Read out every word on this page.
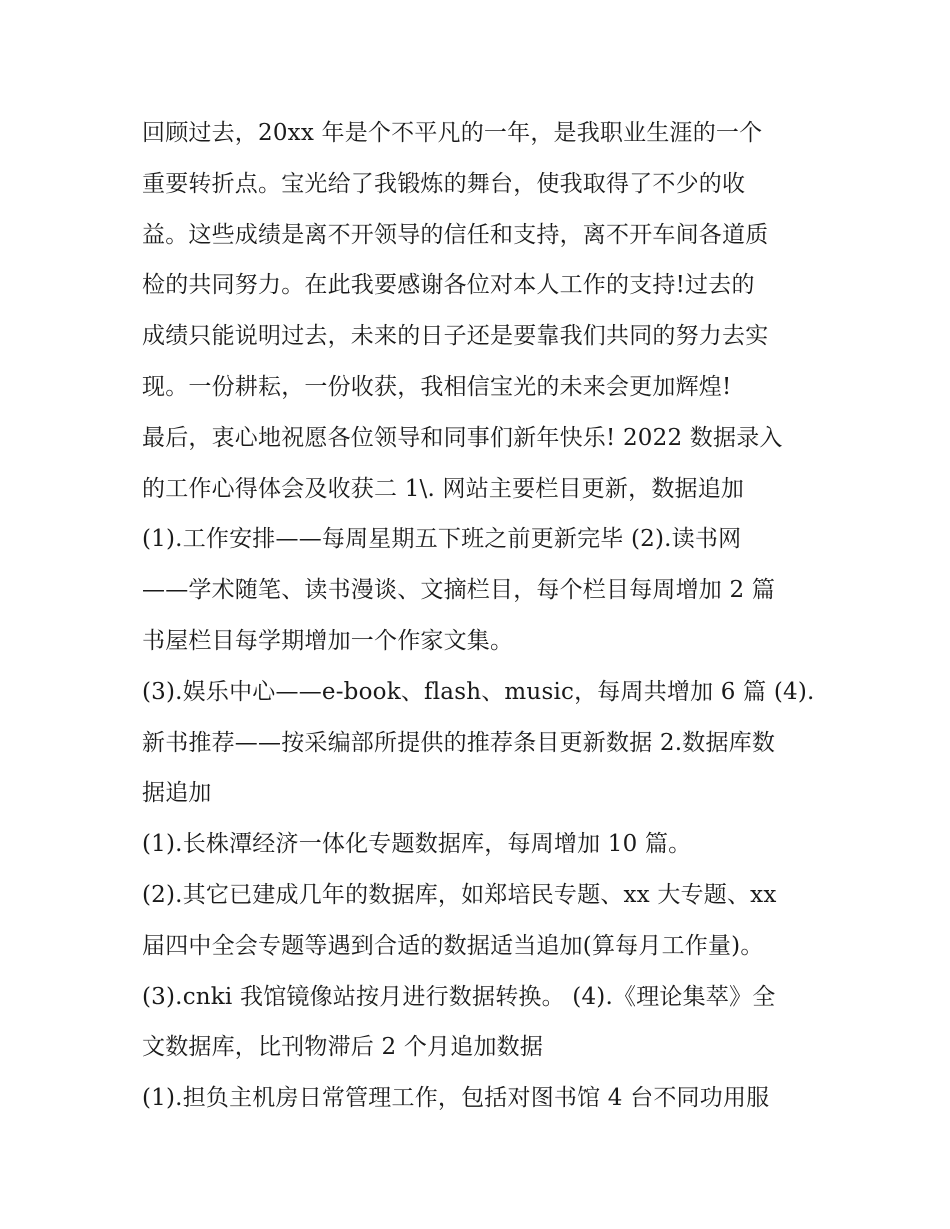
回顾过去，20xx 年是个不平凡的一年，是我职业生涯的一个
重要转折点。宝光给了我锻炼的舞台，使我取得了不少的收
益。这些成绩是离不开领导的信任和支持，离不开车间各道质
检的共同努力。在此我要感谢各位对本人工作的支持!过去的
成绩只能说明过去，未来的日子还是要靠我们共同的努力去实
现。一份耕耘，一份收获，我相信宝光的未来会更加辉煌!
最后，衷心地祝愿各位领导和同事们新年快乐! 2022 数据录入
的工作心得体会及收获二 1\. 网站主要栏目更新，数据追加
(1).工作安排——每周星期五下班之前更新完毕 (2).读书网
——学术随笔、读书漫谈、文摘栏目，每个栏目每周增加 2 篇
书屋栏目每学期增加一个作家文集。
(3).娱乐中心——e-book、flash、music，每周共增加 6 篇 (4).
新书推荐——按采编部所提供的推荐条目更新数据 2.数据库数
据追加
(1).长株潭经济一体化专题数据库，每周增加 10 篇。
(2).其它已建成几年的数据库，如郑培民专题、xx 大专题、xx
届四中全会专题等遇到合适的数据适当追加(算每月工作量)。
(3).cnki 我馆镜像站按月进行数据转换。 (4).《理论集萃》全
文数据库，比刊物滞后 2 个月追加数据
(1).担负主机房日常管理工作，包括对图书馆 4 台不同功用服
